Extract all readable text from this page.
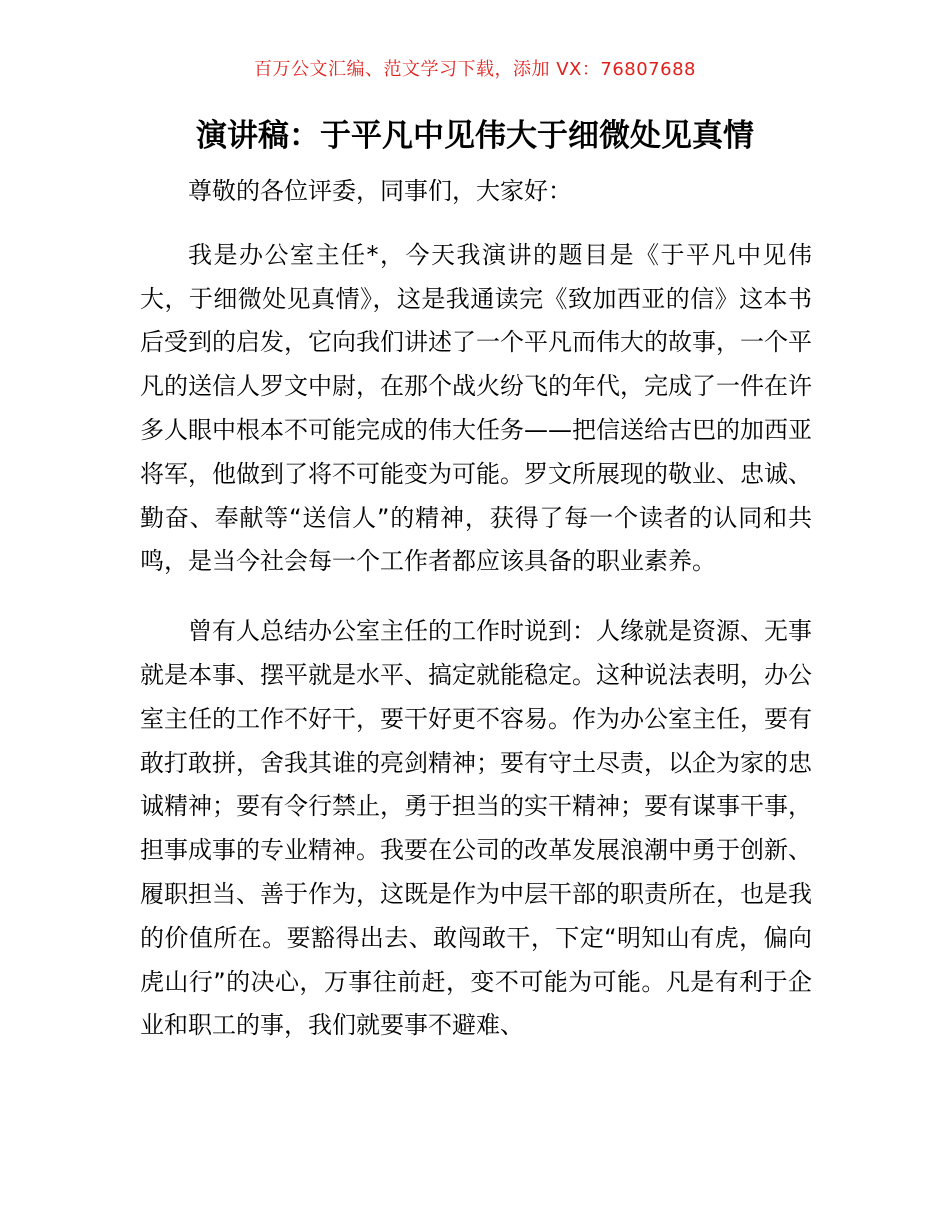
百万公文汇编、范文学习下载，添加 VX：76807688
演讲稿：于平凡中见伟大于细微处见真情

尊敬的各位评委，同事们，大家好：

我是办公室主任*，今天我演讲的题目是《于平凡中见伟大，于细微处见真情》，这是我通读完《致加西亚的信》这本书后受到的启发，它向我们讲述了一个平凡而伟大的故事，一个平凡的送信人罗文中尉，在那个战火纷飞的年代，完成了一件在许多人眼中根本不可能完成的伟大任务——把信送给古巴的加西亚将军，他做到了将不可能变为可能。罗文所展现的敬业、忠诚、勤奋、奉献等“送信人”的精神，获得了每一个读者的认同和共鸣，是当今社会每一个工作者都应该具备的职业素养。

曾有人总结办公室主任的工作时说到：人缘就是资源、无事就是本事、摆平就是水平、搞定就能稳定。这种说法表明，办公室主任的工作不好干，要干好更不容易。作为办公室主任，要有敢打敢拼，舍我其谁的亮剑精神；要有守土尽责，以企为家的忠诚精神；要有令行禁止，勇于担当的实干精神；要有谋事干事，担事成事的专业精神。我要在公司的改革发展浪潮中勇于创新、履职担当、善于作为，这既是作为中层干部的职责所在，也是我的价值所在。要豁得出去、敢闯敢干，下定“明知山有虎，偏向虎山行”的决心，万事往前赶，变不可能为可能。凡是有利于企业和职工的事，我们就要事不避难、
